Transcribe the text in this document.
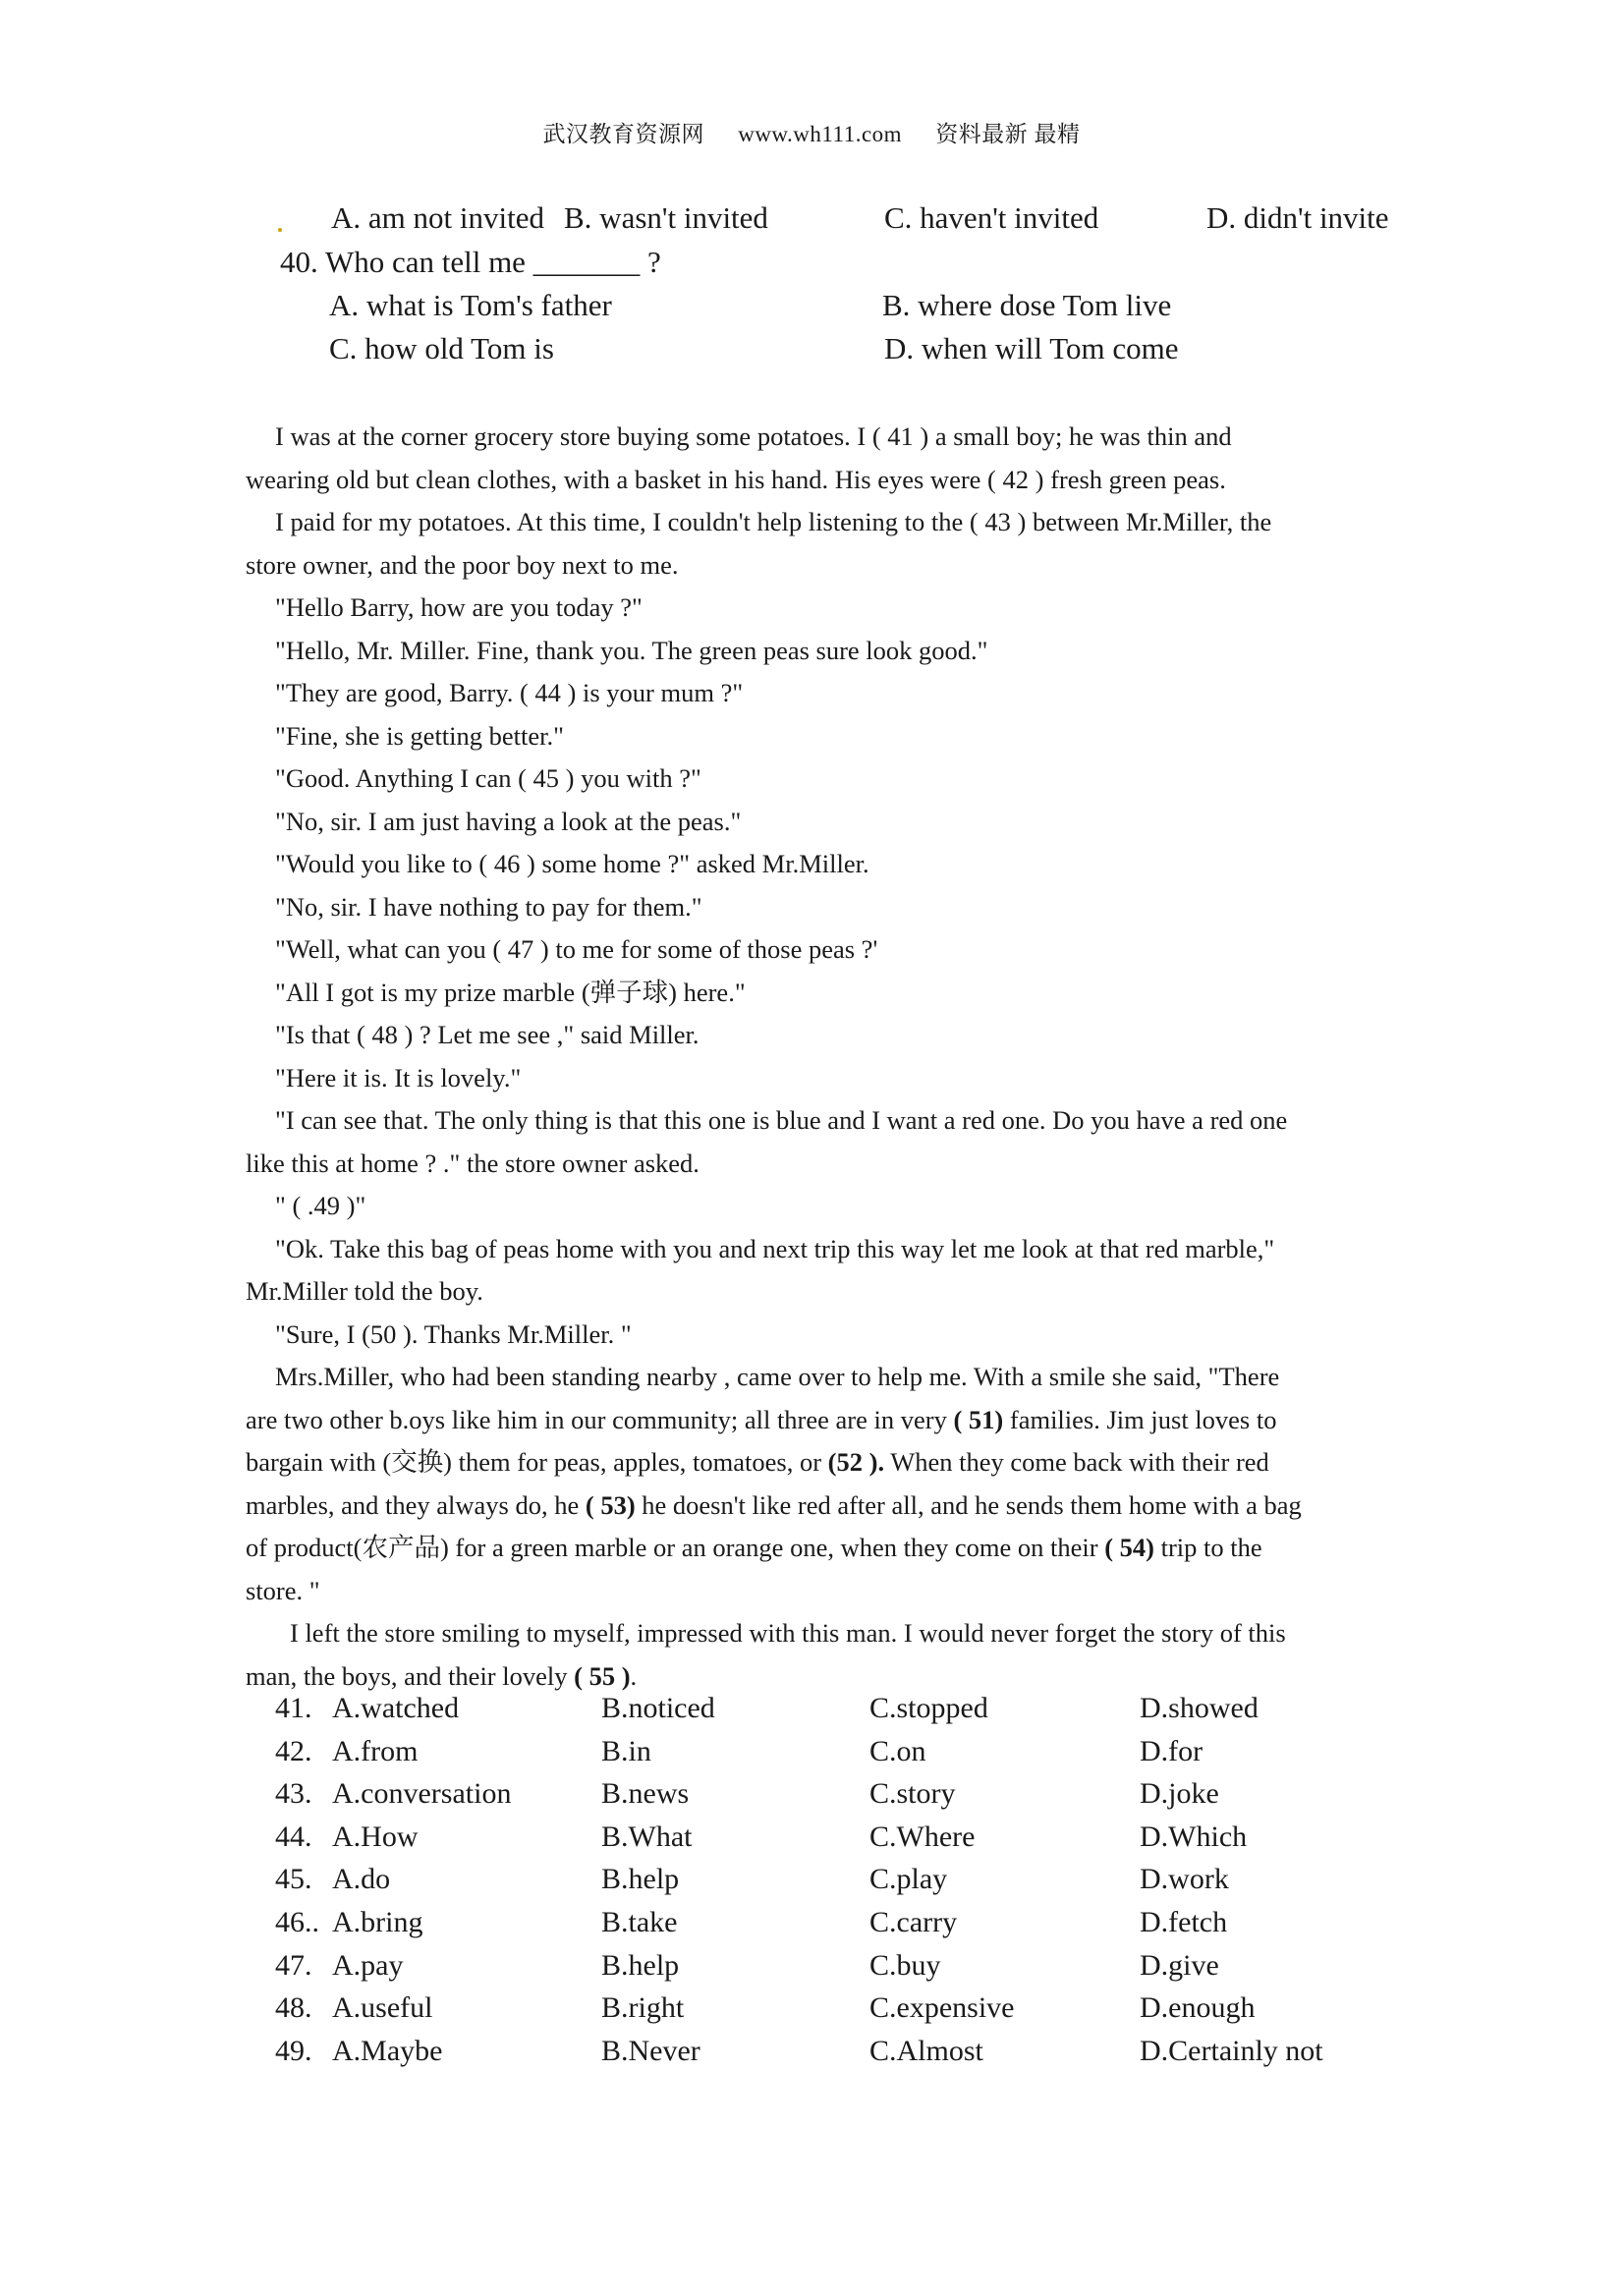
武汉教育资源网 www.wh111.com 资料最新 最精
A. am not invited B. wasn't invited	C. haven't invited	D. didn't invite
40. Who can tell me _______ ?
A. what is Tom's father	B. where dose Tom live
C. how old Tom is	D. when will Tom come
I was at the corner grocery store buying some potatoes. I ( 41 ) a small boy; he was thin and
wearing old but clean clothes, with a basket in his hand. His eyes were ( 42 ) fresh green peas.
I paid for my potatoes. At this time, I couldn't help listening to the ( 43 ) between Mr.Miller, the
store owner, and the poor boy next to me.
"Hello Barry, how are you today ?"
"Hello, Mr. Miller. Fine, thank you. The green peas sure look good."
"They are good, Barry. ( 44 ) is your mum ?"
"Fine, she is getting better."
"Good. Anything I can ( 45 ) you with ?"
"No, sir. I am just having a look at the peas."
"Would you like to ( 46 ) some home ?" asked Mr.Miller.
"No, sir. I have nothing to pay for them."
"Well, what can you ( 47 ) to me for some of those peas ?'
"All I got is my prize marble (弹子球) here."
"Is that ( 48 ) ? Let me see ," said Miller.
"Here it is. It is lovely."
"I can see that. The only thing is that this one is blue and I want a red one. Do you have a red one
like this at home ? ." the store owner asked.
" ( .49 )"
"Ok. Take this bag of peas home with you and next trip this way let me look at that red marble,"
Mr.Miller told the boy.
"Sure, I (50 ). Thanks Mr.Miller. "
Mrs.Miller, who had been standing nearby , came over to help me. With a smile she said, "There
are two other b.oys like him in our community; all three are in very ( 51) families. Jim just loves to
bargain with (交换) them for peas, apples, tomatoes, or (52 ). When they come back with their red
marbles, and they always do, he ( 53) he doesn't like red after all, and he sends them home with a bag
of product(农产品) for a green marble or an orange one, when they come on their ( 54) trip to the
store. "
I left the store smiling to myself, impressed with this man. I would never forget the story of this
man, the boys, and their lovely ( 55 ).
41. A.watched	B.noticed	C.stopped	D.showed
42. A.from	B.in	C.on	D.for
43. A.conversation	B.news	C.story	D.joke
44. A.How	B.What	C.Where	D.Which
45. A.do	B.help	C.play	D.work
46.. A.bring	B.take	C.carry	D.fetch
47. A.pay	B.help	C.buy	D.give
48. A.useful	B.right	C.expensive	D.enough
49. A.Maybe	B.Never	C.Almost	D.Certainly not
